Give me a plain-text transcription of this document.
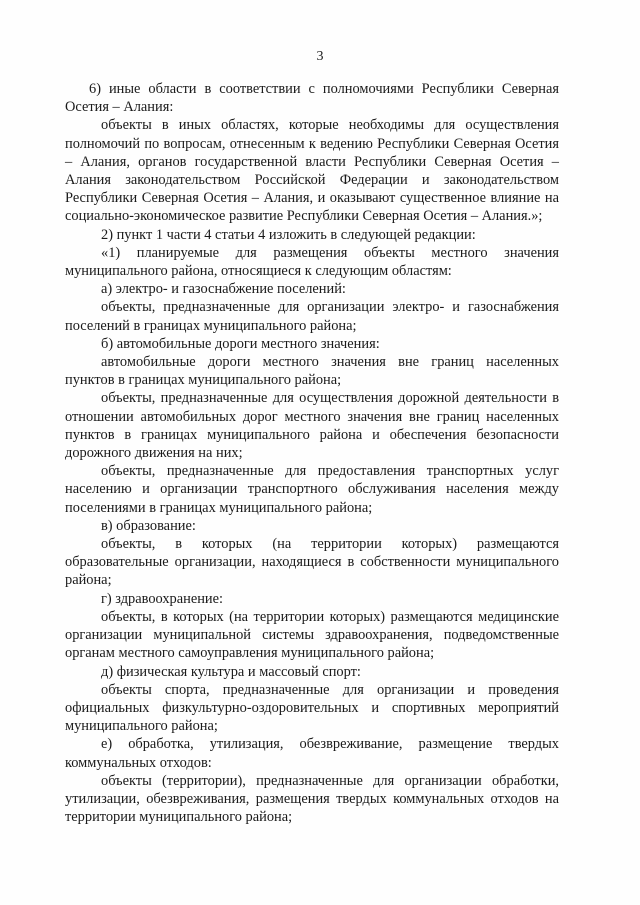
3

6) иные области в соответствии с полномочиями Республики Северная Осетия – Алания:

объекты в иных областях, которые необходимы для осуществления полномочий по вопросам, отнесенным к ведению Республики Северная Осетия – Алания, органов государственной власти Республики Северная Осетия – Алания законодательством Российской Федерации и законодательством Республики Северная Осетия – Алания, и оказывают существенное влияние на социально-экономическое развитие Республики Северная Осетия – Алания.»;

2) пункт 1 части 4 статьи 4 изложить в следующей редакции:

«1) планируемые для размещения объекты местного значения муниципального района, относящиеся к следующим областям:

а) электро- и газоснабжение поселений:

объекты, предназначенные для организации электро- и газоснабжения поселений в границах муниципального района;

б) автомобильные дороги местного значения:

автомобильные дороги местного значения вне границ населенных пунктов в границах муниципального района;

объекты, предназначенные для осуществления дорожной деятельности в отношении автомобильных дорог местного значения вне границ населенных пунктов в границах муниципального района и обеспечения безопасности дорожного движения на них;

объекты, предназначенные для предоставления транспортных услуг населению и организации транспортного обслуживания населения между поселениями в границах муниципального района;

в) образование:

объекты, в которых (на территории которых) размещаются образовательные организации, находящиеся в собственности муниципального района;

г) здравоохранение:

объекты, в которых (на территории которых) размещаются медицинские организации муниципальной системы здравоохранения, подведомственные органам местного самоуправления муниципального района;

д) физическая культура и массовый спорт:

объекты спорта, предназначенные для организации и проведения официальных физкультурно-оздоровительных и спортивных мероприятий муниципального района;

е) обработка, утилизация, обезвреживание, размещение твердых коммунальных отходов:

объекты (территории), предназначенные для организации обработки, утилизации, обезвреживания, размещения твердых коммунальных отходов на территории муниципального района;
